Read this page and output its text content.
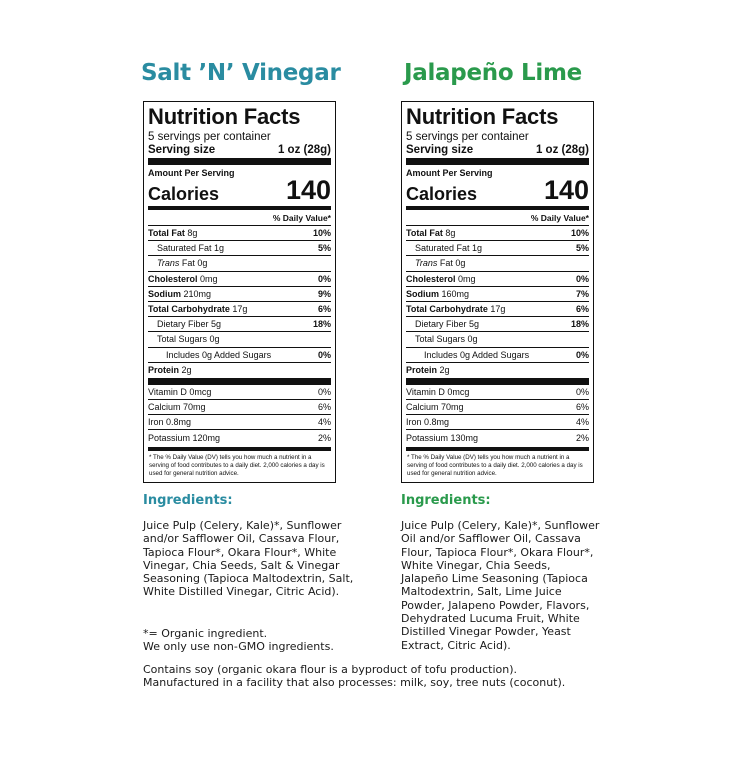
Salt ’N’ Vinegar	Jalapeño Lime
Nutrition Facts
5 servings per container
Serving size	1 oz (28g)
Amount Per Serving
Calories 140
% Daily Value*
Total Fat 8g	10%
Saturated Fat 1g	5%
Trans Fat 0g
Cholesterol 0mg	0%
Sodium 210mg	9%
Total Carbohydrate 17g	6%
Dietary Fiber 5g	18%
Total Sugars 0g
Includes 0g Added Sugars	0%
Protein 2g
Vitamin D 0mcg	0%
Calcium 70mg	6%
Iron 0.8mg	4%
Potassium 120mg	2%
* The % Daily Value (DV) tells you how much a nutrient in a serving of food contributes to a daily diet. 2,000 calories a day is used for general nutrition advice.
Nutrition Facts
5 servings per container
Serving size	1 oz (28g)
Amount Per Serving
Calories 140
% Daily Value*
Total Fat 8g	10%
Saturated Fat 1g	5%
Trans Fat 0g
Cholesterol 0mg	0%
Sodium 160mg	7%
Total Carbohydrate 17g	6%
Dietary Fiber 5g	18%
Total Sugars 0g
Includes 0g Added Sugars	0%
Protein 2g
Vitamin D 0mcg	0%
Calcium 70mg	6%
Iron 0.8mg	4%
Potassium 130mg	2%
* The % Daily Value (DV) tells you how much a nutrient in a serving of food contributes to a daily diet. 2,000 calories a day is used for general nutrition advice.
Ingredients:	Ingredients:
Juice Pulp (Celery, Kale)*, Sunflower and/or Safflower Oil, Cassava Flour, Tapioca Flour*, Okara Flour*, White Vinegar, Chia Seeds, Salt & Vinegar Seasoning (Tapioca Maltodextrin, Salt, White Distilled Vinegar, Citric Acid).
Juice Pulp (Celery, Kale)*, Sunflower Oil and/or Safflower Oil, Cassava Flour, Tapioca Flour*, Okara Flour*, White Vinegar, Chia Seeds, Jalapeño Lime Seasoning (Tapioca Maltodextrin, Salt, Lime Juice Powder, Jalapeno Powder, Flavors, Dehydrated Lucuma Fruit, White Distilled Vinegar Powder, Yeast Extract, Citric Acid).
*= Organic ingredient.
We only use non-GMO ingredients.
Contains soy (organic okara flour is a byproduct of tofu production).
Manufactured in a facility that also processes: milk, soy, tree nuts (coconut).
